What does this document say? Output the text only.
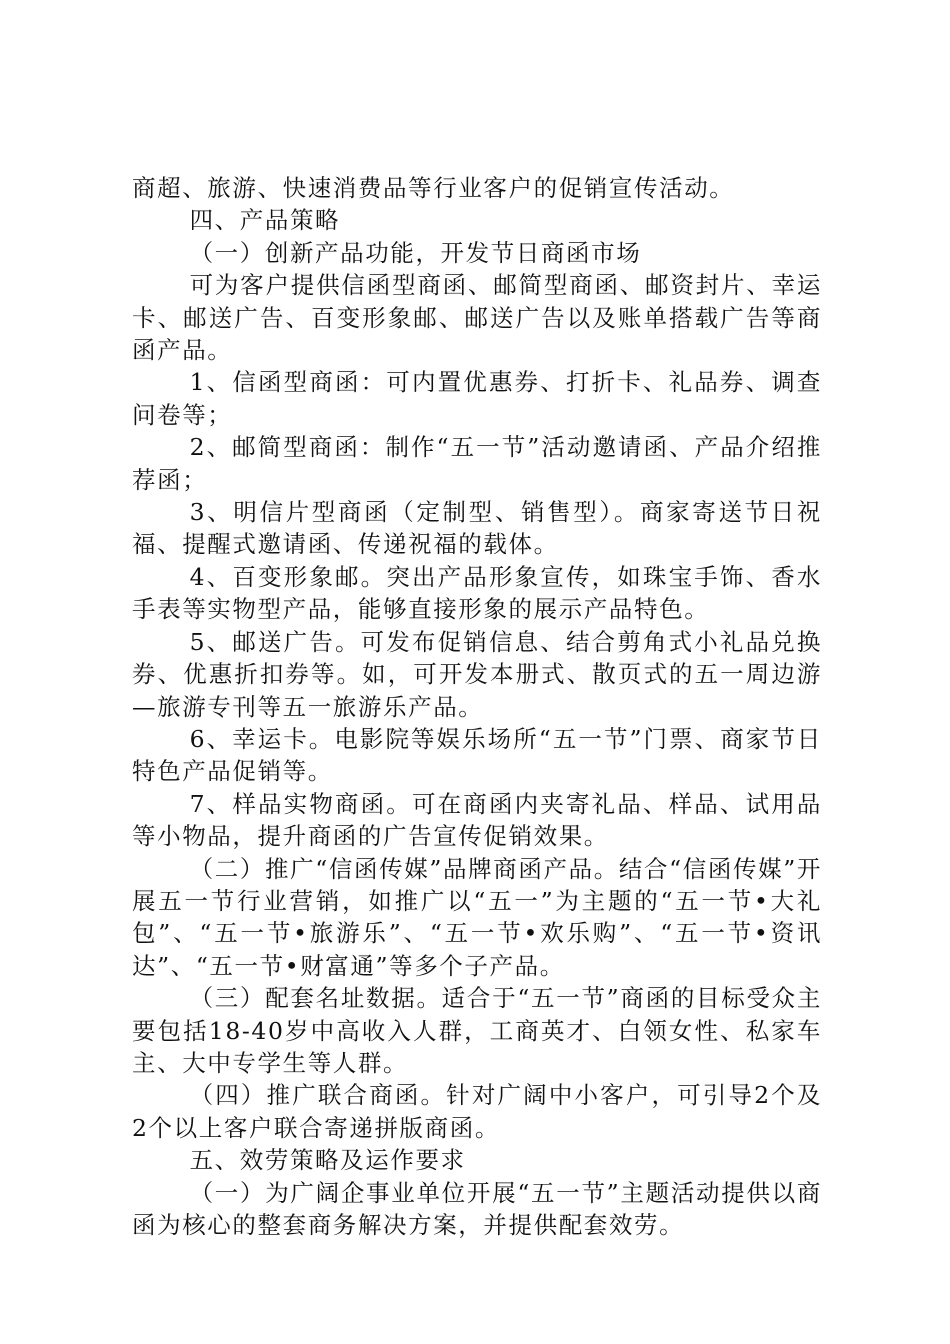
商超、旅游、快速消费品等行业客户的促销宣传活动。

四、产品策略

（一）创新产品功能，开发节日商函市场

可为客户提供信函型商函、邮简型商函、邮资封片、幸运卡、邮送广告、百变形象邮、邮送广告以及账单搭载广告等商函产品。

1、信函型商函：可内置优惠券、打折卡、礼品券、调查问卷等；

2、邮简型商函：制作“五一节”活动邀请函、产品介绍推荐函；

3、明信片型商函（定制型、销售型）。商家寄送节日祝福、提醒式邀请函、传递祝福的载体。

4、百变形象邮。突出产品形象宣传，如珠宝手饰、香水手表等实物型产品，能够直接形象的展示产品特色。

5、邮送广告。可发布促销信息、结合剪角式小礼品兑换券、优惠折扣券等。如，可开发本册式、散页式的五一周边游—旅游专刊等五一旅游乐产品。

6、幸运卡。电影院等娱乐场所“五一节”门票、商家节日特色产品促销等。

7、样品实物商函。可在商函内夹寄礼品、样品、试用品等小物品，提升商函的广告宣传促销效果。

（二）推广“信函传媒”品牌商函产品。结合“信函传媒”开展五一节行业营销，如推广以“五一”为主题的“五一节•大礼包”、“五一节•旅游乐”、“五一节•欢乐购”、“五一节•资讯达”、“五一节•财富通”等多个子产品。

（三）配套名址数据。适合于“五一节”商函的目标受众主要包括18-40岁中高收入人群，工商英才、白领女性、私家车主、大中专学生等人群。

（四）推广联合商函。针对广阔中小客户，可引导2个及2个以上客户联合寄递拼版商函。

五、效劳策略及运作要求

（一）为广阔企事业单位开展“五一节”主题活动提供以商函为核心的整套商务解决方案，并提供配套效劳。
